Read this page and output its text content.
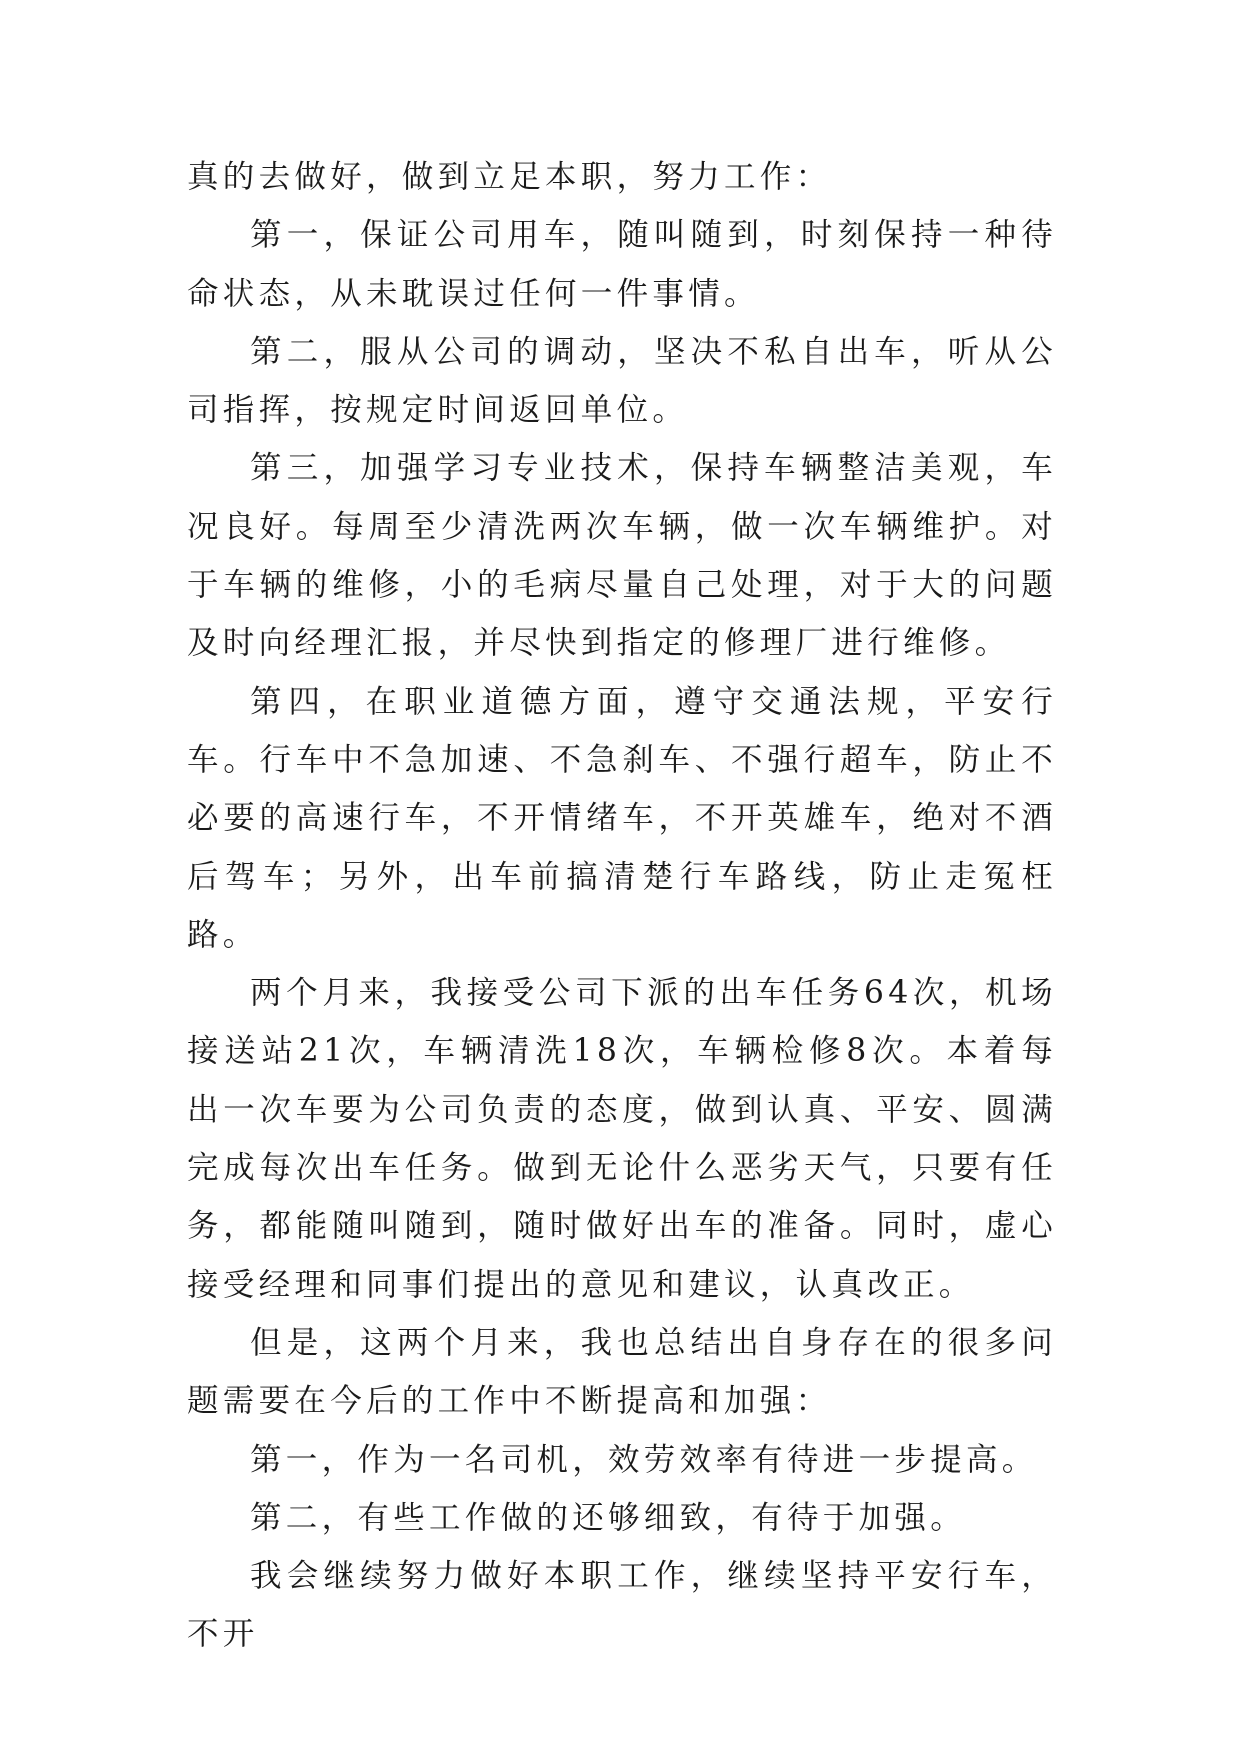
真的去做好，做到立足本职，努力工作：

第一，保证公司用车，随叫随到，时刻保持一种待命状态，从未耽误过任何一件事情。

第二，服从公司的调动，坚决不私自出车，听从公司指挥，按规定时间返回单位。

第三，加强学习专业技术，保持车辆整洁美观，车况良好。每周至少清洗两次车辆，做一次车辆维护。对于车辆的维修，小的毛病尽量自己处理，对于大的问题及时向经理汇报，并尽快到指定的修理厂进行维修。

第四，在职业道德方面，遵守交通法规，平安行车。行车中不急加速、不急刹车、不强行超车，防止不必要的高速行车，不开情绪车，不开英雄车，绝对不酒后驾车；另外，出车前搞清楚行车路线，防止走冤枉路。

两个月来，我接受公司下派的出车任务64次，机场接送站21次，车辆清洗18次，车辆检修8次。本着每出一次车要为公司负责的态度，做到认真、平安、圆满完成每次出车任务。做到无论什么恶劣天气，只要有任务，都能随叫随到，随时做好出车的准备。同时，虚心接受经理和同事们提出的意见和建议，认真改正。

但是，这两个月来，我也总结出自身存在的很多问题需要在今后的工作中不断提高和加强：

第一，作为一名司机，效劳效率有待进一步提高。

第二，有些工作做的还够细致，有待于加强。

我会继续努力做好本职工作，继续坚持平安行车，不开
